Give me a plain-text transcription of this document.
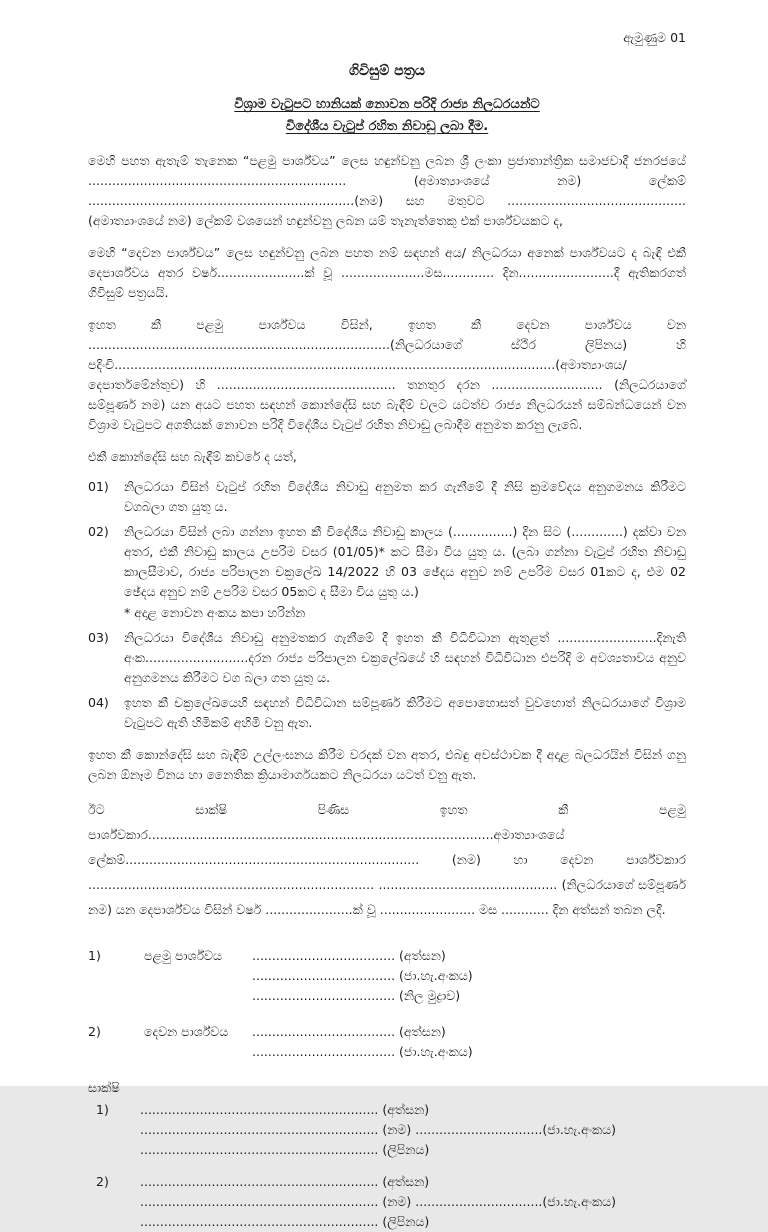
ඇමුණුම 01
ගිවිසුම් පත්‍රය
විශ්‍රාම වැටුපට හානියක් නොවන පරිදි රාජ්‍ය නිලධරයන්ට
විදේශීය වැටුප් රහිත නිවාඩු ලබා දීම.

මෙහි පහත ඇතැම් තැනෙක “පළමු පාර්ශ්වය” ලෙස හඳුන්වනු ලබන ශ්‍රී ලංකා ප්‍රජාතාන්ත්‍රික සමාජවාදී ජනරජයේ ................................................................. (අමාත්‍යාංශයේ නම) ලේකම් ...................................................................(නම) සහ මතුවට ............................................. (අමාත්‍යාංශයේ නම) ලේකම් වශයෙන් හඳුන්වනු ලබන යම් තැනැත්තෙකු එක් පාර්ශ්වයකට ද,

මෙහි “දෙවන පාර්ශ්වය” ලෙස හඳුන්වනු ලබන පහත නම් සඳහන් අය/ නිලධරයා අනෙක් පාර්ශ්වයට ද බැඳි එකී දෙපාර්ශ්වය අතර වර්ෂ......................ක් වූ .....................මස............. දින........................දී ඇතිකරගත් ගිවිසුම් පත්‍රයයි.

ඉහත කී පළමු පාර්ශ්වය විසින්, ඉහත කී දෙවන පාර්ශ්වය වන ............................................................................(නිලධරයාගේ ස්ථීර ලිපිනය) හි පදිංචි...............................................................................................................(අමාත්‍යාංශය/දෙපාර්තමේන්තුව) හි ............................................. තනතුර දරන ............................ (නිලධරයාගේ සම්පූර්ණ නම) යන අයට පහත සඳහන් කොන්දේසි සහ බැඳීම් වලට යටත්ව රාජ්‍ය නිලධරයන් සම්බන්ධයෙන් වන විශ්‍රාම වැටුපට අගතියක් නොවන පරිදි විදේශීය වැටුප් රහිත නිවාඩු ලබාදීම අනුමත කරනු ලැබේ.

එකී කොන්දේසි සහ බැඳීම් කවරේ ද යත්,

01)	නිලධරයා විසින් වැටුප් රහිත විදේශීය නිවාඩු අනුමත කර ගැනීමේ දී නිසි ක්‍රමවේදය අනුගමනය කිරීමට වගබලා ගත යුතු ය.
02)	නිලධරයා විසින් ලබා ගන්නා ඉහත කී විදේශීය නිවාඩු කාලය (...............) දින සිට (.............) දක්වා වන අතර, එකී නිවාඩු කාලය උපරිම වසර (01/05)* කට සීමා විය යුතු ය. (ලබා ගන්නා වැටුප් රහිත නිවාඩු කාලසීමාව, රාජ්‍ය පරිපාලන චක්‍රලේඛ 14/2022 හි 03 ඡේදය අනුව නම් උපරිම වසර 01කට ද, එම 02 ඡේදය අනුව නම් උපරිම වසර 05කට ද සීමා විය යුතු ය.)
* අදාළ නොවන අංකය කපා හරින්න
03)	නිලධරයා විදේශීය නිවාඩු අනුමතකර ගැනීමේ දී ඉහත කී විධිවිධාන ඇතුළත් .........................දිනැති අංක..........................දරන රාජ්‍ය පරිපාලන චක්‍රලේඛයේ හි සඳහන් විධිවිධාන එපරිදි ම අවශ්‍යතාවය අනුව අනුගමනය කිරීමට වග බලා ගත යුතු ය.
04)	ඉහත කී චක්‍රලේඛයෙහි සඳහන් විධිවිධාන සම්පූර්ණ කිරීමට අපොහොසත් වුවහොත් නිලධරයාගේ විශ්‍රාම වැටුපට ඇති හිමිකම් අහිමි වනු ඇත.

ඉහත කී කොන්දේසි සහ බැඳීම් උල්ලංඝනය කිරීම වරදක් වන අතර, එබඳු අවස්ථාවක දී අදාළ බලධරයින් විසින් ගනු ලබන ඕනෑම විනය හා නෛතික ක්‍රියාමාර්ගයකට නිලධරයා යටත් වනු ඇත.

ඊට සාක්ෂි පිණිස ඉහත කී පළමු පාර්ශ්වකාර.......................................................................................අමාත්‍යාංශයේ ලේකම්.......................................................................... (නම) හා දෙවන පාර්ශ්වකාර ........................................................................ ............................................. (නිලධරයාගේ සම්පූර්ණ නම) යන දෙපාර්ශ්වය විසින් වර්ෂ ......................ක් වූ ........................ මස ............ දින අත්සන් තබන ලදී.

1)	පළමු පාර්ශ්වය	.................................... (අත්සන)
.................................... (ජා.හැ.අංකය)
.................................... (නිල මුද්‍රාව)
2)	දෙවන පාර්ශ්වය	.................................... (අත්සන)
.................................... (ජා.හැ.අංකය)
සාක්ෂි
1)	............................................................ (අත්සන)
............................................................ (නම) ................................(ජා.හැ.අංකය)
............................................................ (ලිපිනය)
2)	............................................................ (අත්සන)
............................................................ (නම) ................................(ජා.හැ.අංකය)
............................................................ (ලිපිනය)
